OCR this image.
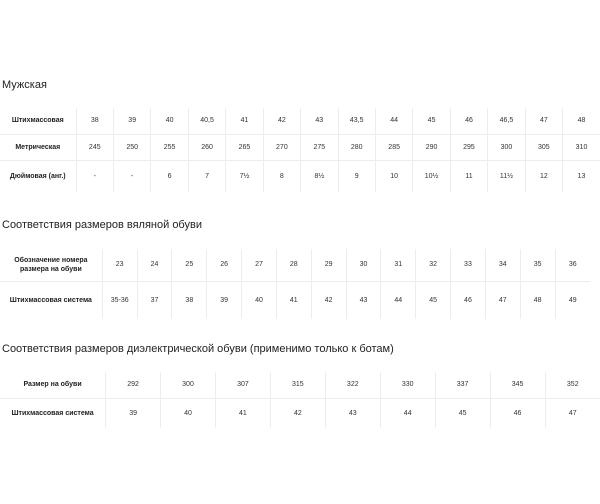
Мужская
Штихмассовая	38	39	40	40,5	41	42	43	43,5	44	45	46	46,5	47	48
Метрическая	245	250	255	260	265	270	275	280	285	290	295	300	305	310
Дюймовая (анг.)	-	-	6	7	7½	8	8½	9	10	10½	11	11½	12	13
Соответствия размеров вяляной обуви
Обозначение номера размера на обуви	23	24	25	26	27	28	29	30	31	32	33	34	35	36
Штихмассовая система	35-36	37	38	39	40	41	42	43	44	45	46	47	48	49
Соответствия размеров диэлектрической обуви (применимо только к ботам)
Размер на обуви	292	300	307	315	322	330	337	345	352
Штихмассовая система	39	40	41	42	43	44	45	46	47
